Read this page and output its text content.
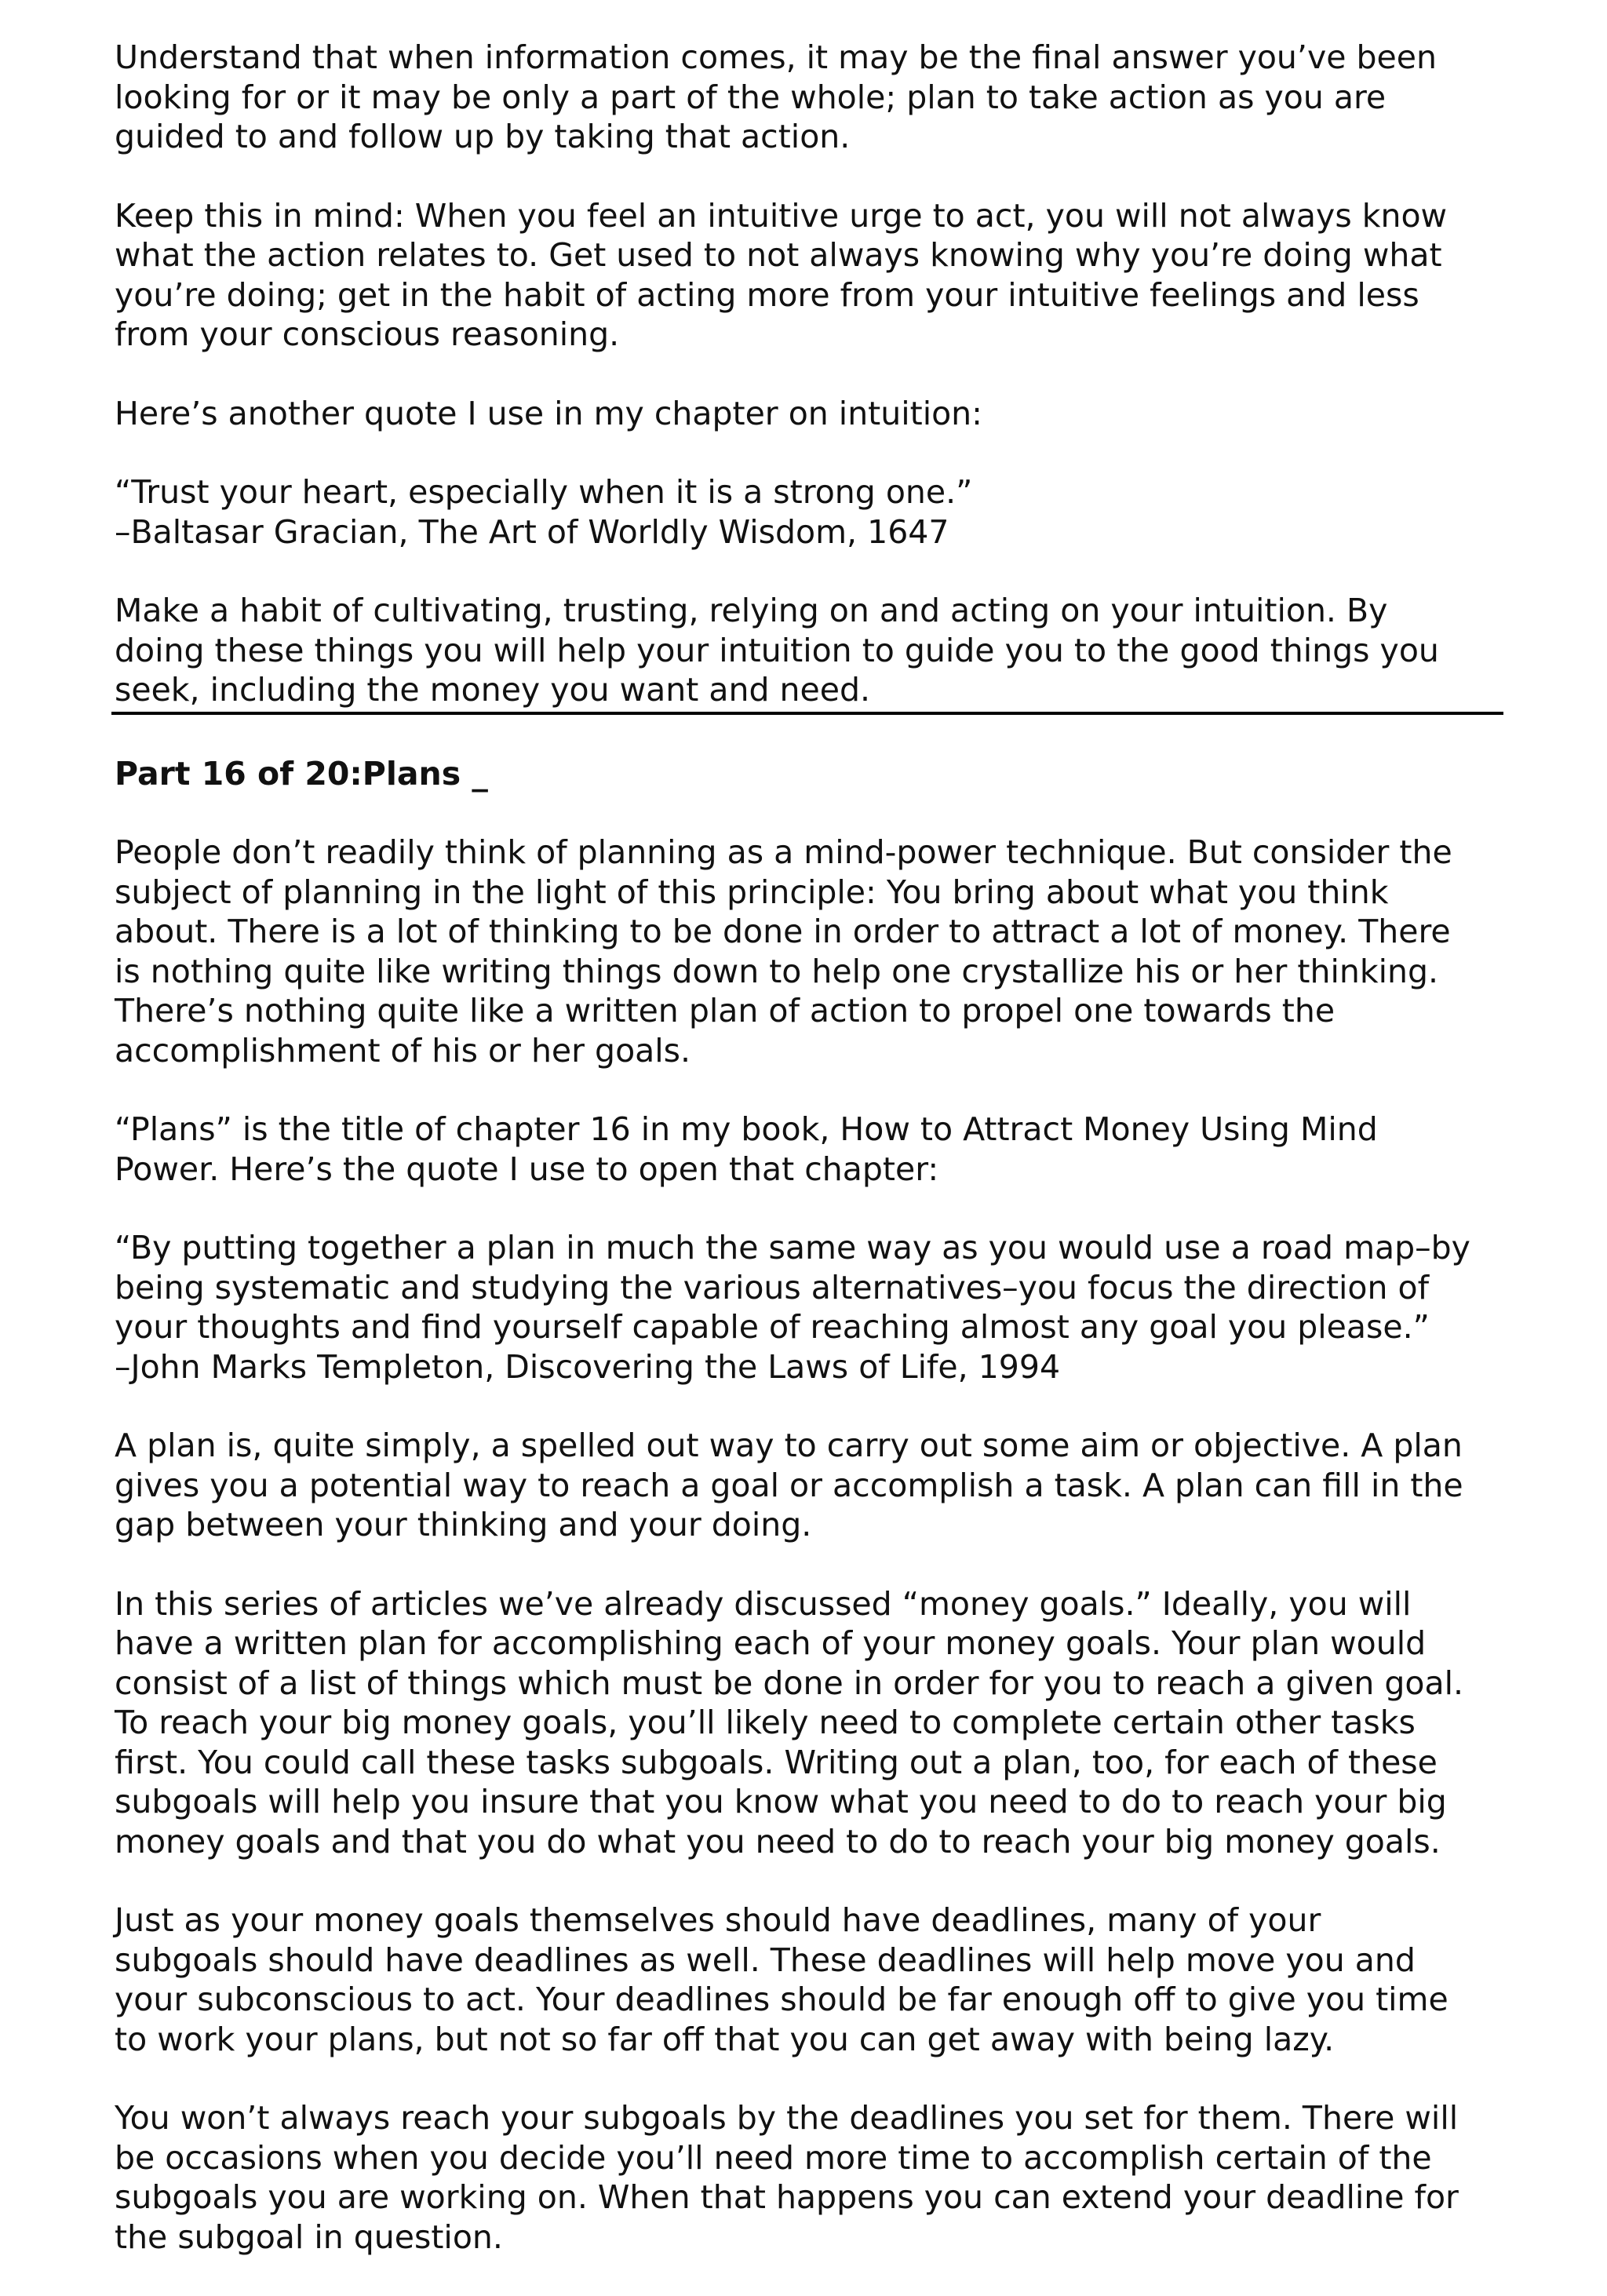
Understand that when information comes, it may be the final answer you’ve been
looking for or it may be only a part of the whole; plan to take action as you are
guided to and follow up by taking that action.

Keep this in mind: When you feel an intuitive urge to act, you will not always know
what the action relates to. Get used to not always knowing why you’re doing what
you’re doing; get in the habit of acting more from your intuitive feelings and less
from your conscious reasoning.

Here’s another quote I use in my chapter on intuition:

“Trust your heart, especially when it is a strong one.”
–Baltasar Gracian, The Art of Worldly Wisdom, 1647

Make a habit of cultivating, trusting, relying on and acting on your intuition. By
doing these things you will help your intuition to guide you to the good things you
seek, including the money you want and need.

Part 16 of 20:Plans _

People don’t readily think of planning as a mind-power technique. But consider the
subject of planning in the light of this principle: You bring about what you think
about. There is a lot of thinking to be done in order to attract a lot of money. There
is nothing quite like writing things down to help one crystallize his or her thinking.
There’s nothing quite like a written plan of action to propel one towards the
accomplishment of his or her goals.

“Plans” is the title of chapter 16 in my book, How to Attract Money Using Mind
Power. Here’s the quote I use to open that chapter:

“By putting together a plan in much the same way as you would use a road map–by
being systematic and studying the various alternatives–you focus the direction of
your thoughts and find yourself capable of reaching almost any goal you please.”
–John Marks Templeton, Discovering the Laws of Life, 1994

A plan is, quite simply, a spelled out way to carry out some aim or objective. A plan
gives you a potential way to reach a goal or accomplish a task. A plan can fill in the
gap between your thinking and your doing.

In this series of articles we’ve already discussed “money goals.” Ideally, you will
have a written plan for accomplishing each of your money goals. Your plan would
consist of a list of things which must be done in order for you to reach a given goal.
To reach your big money goals, you’ll likely need to complete certain other tasks
first. You could call these tasks subgoals. Writing out a plan, too, for each of these
subgoals will help you insure that you know what you need to do to reach your big
money goals and that you do what you need to do to reach your big money goals.

Just as your money goals themselves should have deadlines, many of your
subgoals should have deadlines as well. These deadlines will help move you and
your subconscious to act. Your deadlines should be far enough off to give you time
to work your plans, but not so far off that you can get away with being lazy.

You won’t always reach your subgoals by the deadlines you set for them. There will
be occasions when you decide you’ll need more time to accomplish certain of the
subgoals you are working on. When that happens you can extend your deadline for
the subgoal in question.
